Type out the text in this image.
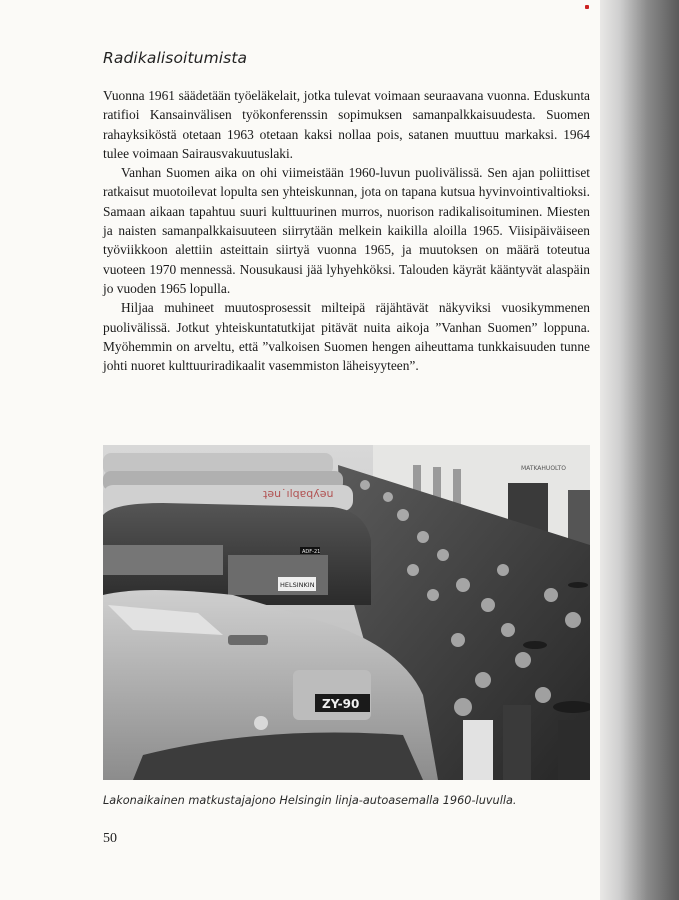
Radikalisoitumista

Vuonna 1961 säädetään työeläkelait, jotka tulevat voimaan seuraavana vuonna. Eduskunta ratifioi Kansainvälisen työkonferenssin sopimuksen samanpalkkaisuudesta. Suomen rahayksiköstä otetaan 1963 otetaan kaksi nollaa pois, satanen muuttuu markaksi. 1964 tulee voimaan Sairausvakuutuslaki.

Vanhan Suomen aika on ohi viimeistään 1960-luvun puolivälissä. Sen ajan poliittiset ratkaisut muotoilevat lopulta sen yhteiskunnan, jota on tapana kutsua hyvinvointivaltioksi. Samaan aikaan tapahtuu suuri kulttuurinen murros, nuorison radikalisoituminen. Miesten ja naisten samanpalkkaisuuteen siirrytään melkein kaikilla aloilla 1965. Viisipäiväiseen työviikkoon alettiin asteittain siirtyä vuonna 1965, ja muutoksen on määrä toteutua vuoteen 1970 mennessä. Nousukausi jää lyhyehköksi. Talouden käyrät kääntyvät alaspäin jo vuoden 1965 lopulla.

Hiljaa muhineet muutosprosessit milteipä räjähtävät näkyviksi vuosikymmenen puolivälissä. Jotkut yhteiskuntatutkijat pitävät nuita aikoja ”Vanhan Suomen” loppuna. Myöhemmin on arveltu, että ”valkoisen Suomen hengen aiheuttama tunkkaisuuden tunne johti nuoret kulttuuriradikaalit vasemmiston läheisyyteen”.

MATKAHUOLTO
ʇǝu˙ılqɐqʎǝu
HELSINKIN
ADF-21
ZY-90
Lakonaikainen matkustajajono Helsingin linja-autoasemalla 1960-luvulla.
50
